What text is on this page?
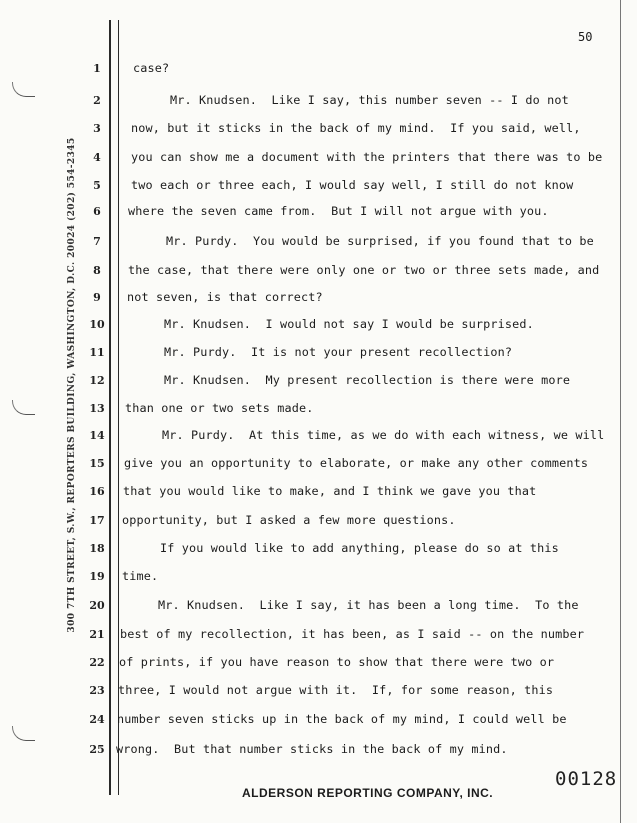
50
300 7TH STREET, S.W., REPORTERS BUILDING, WASHINGTON, D.C. 20024 (202) 554-2345
1	case?
2	Mr. Knudsen.  Like I say, this number seven -- I do not
3	now, but it sticks in the back of my mind.  If you said, well,
4	you can show me a document with the printers that there was to be
5	two each or three each, I would say well, I still do not know
6	where the seven came from.  But I will not argue with you.
7	Mr. Purdy.  You would be surprised, if you found that to be
8	the case, that there were only one or two or three sets made, and
9	not seven, is that correct?
10	Mr. Knudsen.  I would not say I would be surprised.
11	Mr. Purdy.  It is not your present recollection?
12	Mr. Knudsen.  My present recollection is there were more
13 than one or two sets made.
14	Mr. Purdy.  At this time, as we do with each witness, we will
15 give you an opportunity to elaborate, or make any other comments
16 that you would like to make, and I think we gave you that
17 opportunity, but I asked a few more questions.
18	If you would like to add anything, please do so at this
19 time.
20	Mr. Knudsen.  Like I say, it has been a long time.  To the
21 best of my recollection, it has been, as I said -- on the number
22 of prints, if you have reason to show that there were two or
23 three, I would not argue with it.  If, for some reason, this
24 number seven sticks up in the back of my mind, I could well be
25 wrong.  But that number sticks in the back of my mind.
ALDERSON REPORTING COMPANY, INC.
00128
